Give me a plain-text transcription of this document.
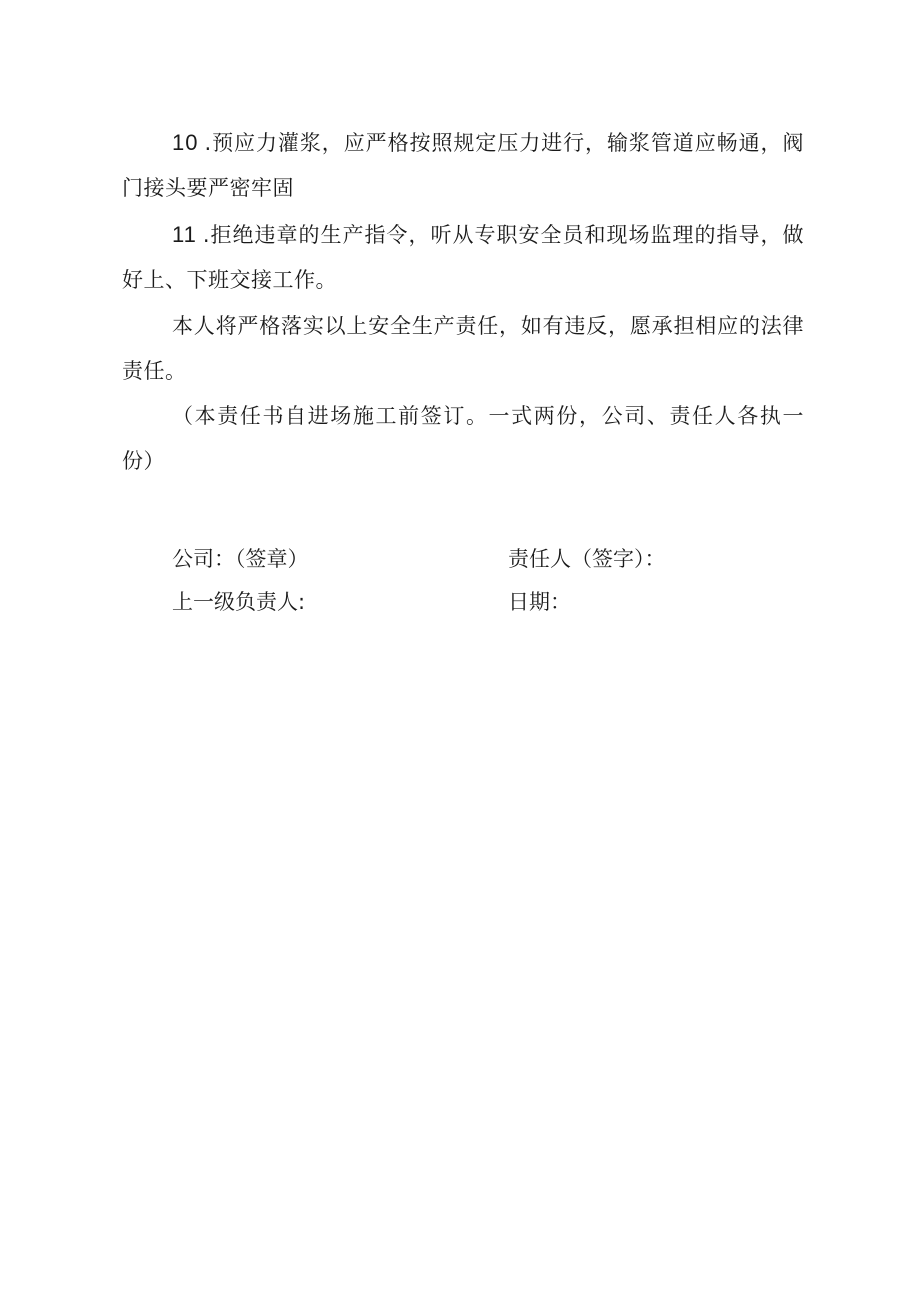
10 .预应力灌浆，应严格按照规定压力进行，输浆管道应畅通，阀门接头要严密牢固

11 .拒绝违章的生产指令，听从专职安全员和现场监理的指导，做好上、下班交接工作。

本人将严格落实以上安全生产责任，如有违反，愿承担相应的法律责任。

（本责任书自进场施工前签订。一式两份，公司、责任人各执一份）

公司：（签章）	责任人（签字）：
上一级负责人:	日期：
